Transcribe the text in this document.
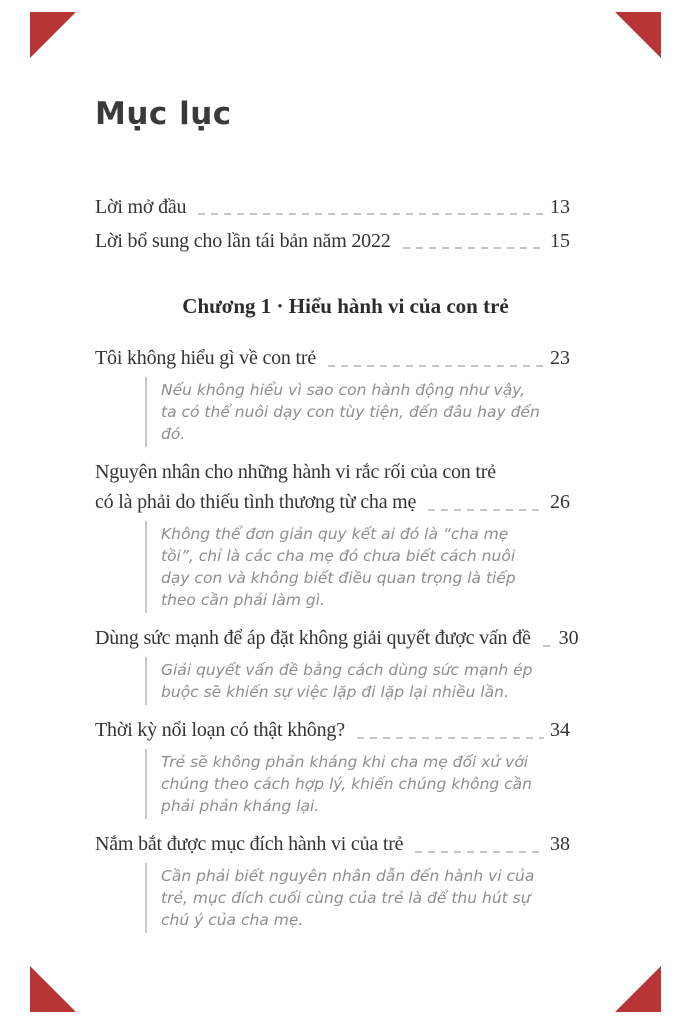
Mục lục
Lời mở đầu	13
Lời bổ sung cho lần tái bản năm 2022	15
Chương 1 · Hiểu hành vi của con trẻ
Tôi không hiểu gì về con trẻ	23
Nếu không hiểu vì sao con hành động như vậy, ta có thể nuôi dạy con tùy tiện, đến đâu hay đến đó.
Nguyên nhân cho những hành vi rắc rối của con trẻ
có là phải do thiếu tình thương từ cha mẹ	26
Không thể đơn giản quy kết ai đó là “cha mẹ tồi”, chỉ là các cha mẹ đó chưa biết cách nuôi dạy con và không biết điều quan trọng là tiếp theo cần phải làm gì.
Dùng sức mạnh để áp đặt không giải quyết được vấn đề 30
Giải quyết vấn đề bằng cách dùng sức mạnh ép buộc sẽ khiến sự việc lặp đi lặp lại nhiều lần.
Thời kỳ nổi loạn có thật không?	34
Trẻ sẽ không phản kháng khi cha mẹ đối xử với chúng theo cách hợp lý, khiến chúng không cần phải phản kháng lại.
Nắm bắt được mục đích hành vi của trẻ	38
Cần phải biết nguyên nhân dẫn đến hành vi của trẻ, mục đích cuối cùng của trẻ là để thu hút sự chú ý của cha mẹ.
